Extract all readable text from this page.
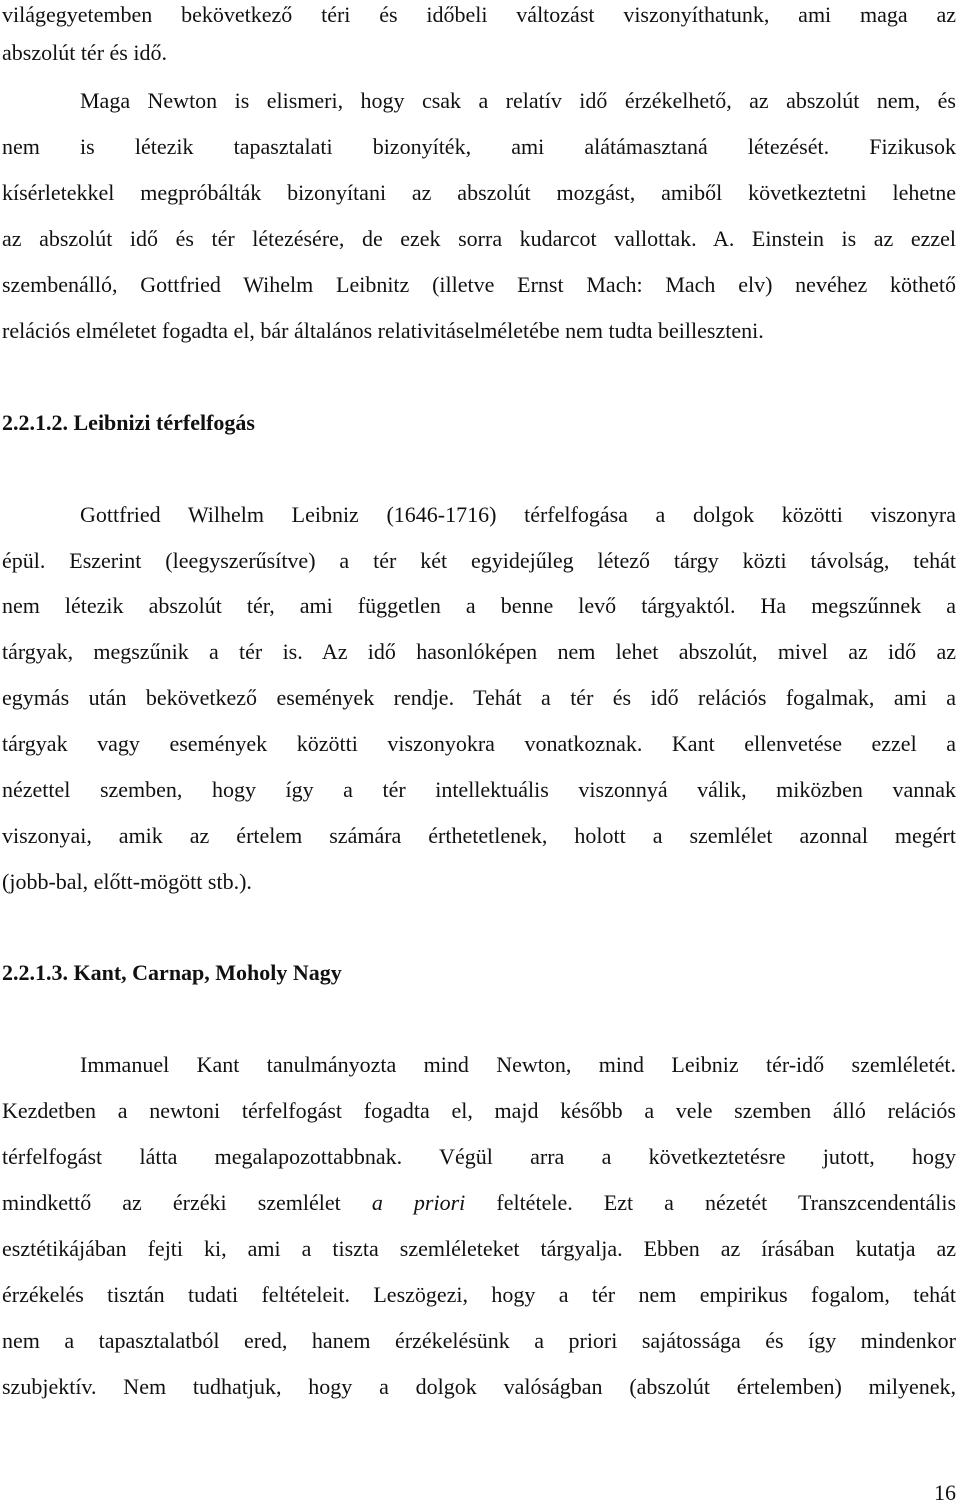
világegyetemben bekövetkező téri és időbeli változást viszonyíthatunk, ami maga az
abszolút tér és idő.
Maga Newton is elismeri, hogy csak a relatív idő érzékelhető, az abszolút nem, és
nem is létezik tapasztalati bizonyíték, ami alátámasztaná létezését. Fizikusok
kísérletekkel megpróbálták bizonyítani az abszolút mozgást, amiből következtetni lehetne
az abszolút idő és tér létezésére, de ezek sorra kudarcot vallottak. A. Einstein is az ezzel
szembenálló, Gottfried Wihelm Leibnitz (illetve Ernst Mach: Mach elv) nevéhez köthető
relációs elméletet fogadta el, bár általános relativitáselméletébe nem tudta beilleszteni.
2.2.1.2. Leibnizi térfelfogás
Gottfried Wilhelm Leibniz (1646-1716) térfelfogása a dolgok közötti viszonyra
épül. Eszerint (leegyszerűsítve) a tér két egyidejűleg létező tárgy közti távolság, tehát
nem létezik abszolút tér, ami független a benne levő tárgyaktól. Ha megszűnnek a
tárgyak, megszűnik a tér is. Az idő hasonlóképen nem lehet abszolút, mivel az idő az
egymás után bekövetkező események rendje. Tehát a tér és idő relációs fogalmak, ami a
tárgyak vagy események közötti viszonyokra vonatkoznak. Kant ellenvetése ezzel a
nézettel szemben, hogy így a tér intellektuális viszonnyá válik, miközben vannak
viszonyai, amik az értelem számára érthetetlenek, holott a szemlélet azonnal megért
(jobb-bal, előtt-mögött stb.).
2.2.1.3. Kant, Carnap, Moholy Nagy
Immanuel Kant tanulmányozta mind Newton, mind Leibniz tér-idő szemléletét.
Kezdetben a newtoni térfelfogást fogadta el, majd később a vele szemben álló relációs
térfelfogást látta megalapozottabbnak. Végül arra a következtetésre jutott, hogy
mindkettő az érzéki szemlélet a priori feltétele. Ezt a nézetét Transzcendentális
esztétikájában fejti ki, ami a tiszta szemléleteket tárgyalja. Ebben az írásában kutatja az
érzékelés tisztán tudati feltételeit. Leszögezi, hogy a tér nem empirikus fogalom, tehát
nem a tapasztalatból ered, hanem érzékelésünk a priori sajátossága és így mindenkor
szubjektív. Nem tudhatjuk, hogy a dolgok valóságban (abszolút értelemben) milyenek,
16
